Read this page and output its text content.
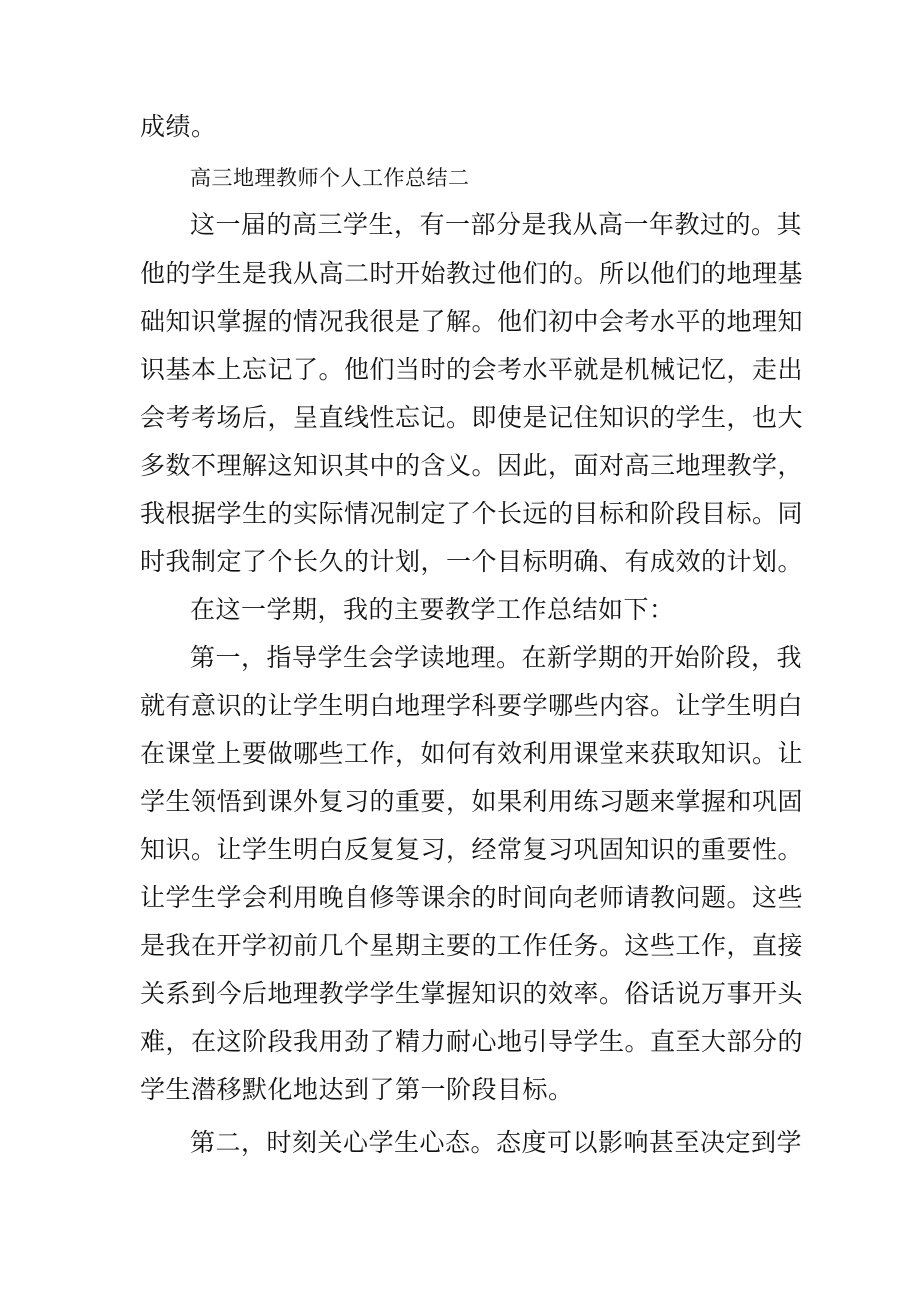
成绩。
高三地理教师个人工作总结二
这一届的高三学生，有一部分是我从高一年教过的。其
他的学生是我从高二时开始教过他们的。所以他们的地理基
础知识掌握的情况我很是了解。他们初中会考水平的地理知
识基本上忘记了。他们当时的会考水平就是机械记忆，走出
会考考场后，呈直线性忘记。即使是记住知识的学生，也大
多数不理解这知识其中的含义。因此，面对高三地理教学，
我根据学生的实际情况制定了个长远的目标和阶段目标。同
时我制定了个长久的计划，一个目标明确、有成效的计划。
在这一学期，我的主要教学工作总结如下：
第一，指导学生会学读地理。在新学期的开始阶段，我
就有意识的让学生明白地理学科要学哪些内容。让学生明白
在课堂上要做哪些工作，如何有效利用课堂来获取知识。让
学生领悟到课外复习的重要，如果利用练习题来掌握和巩固
知识。让学生明白反复复习，经常复习巩固知识的重要性。
让学生学会利用晚自修等课余的时间向老师请教问题。这些
是我在开学初前几个星期主要的工作任务。这些工作，直接
关系到今后地理教学学生掌握知识的效率。俗话说万事开头
难，在这阶段我用劲了精力耐心地引导学生。直至大部分的
学生潜移默化地达到了第一阶段目标。
第二，时刻关心学生心态。态度可以影响甚至决定到学
